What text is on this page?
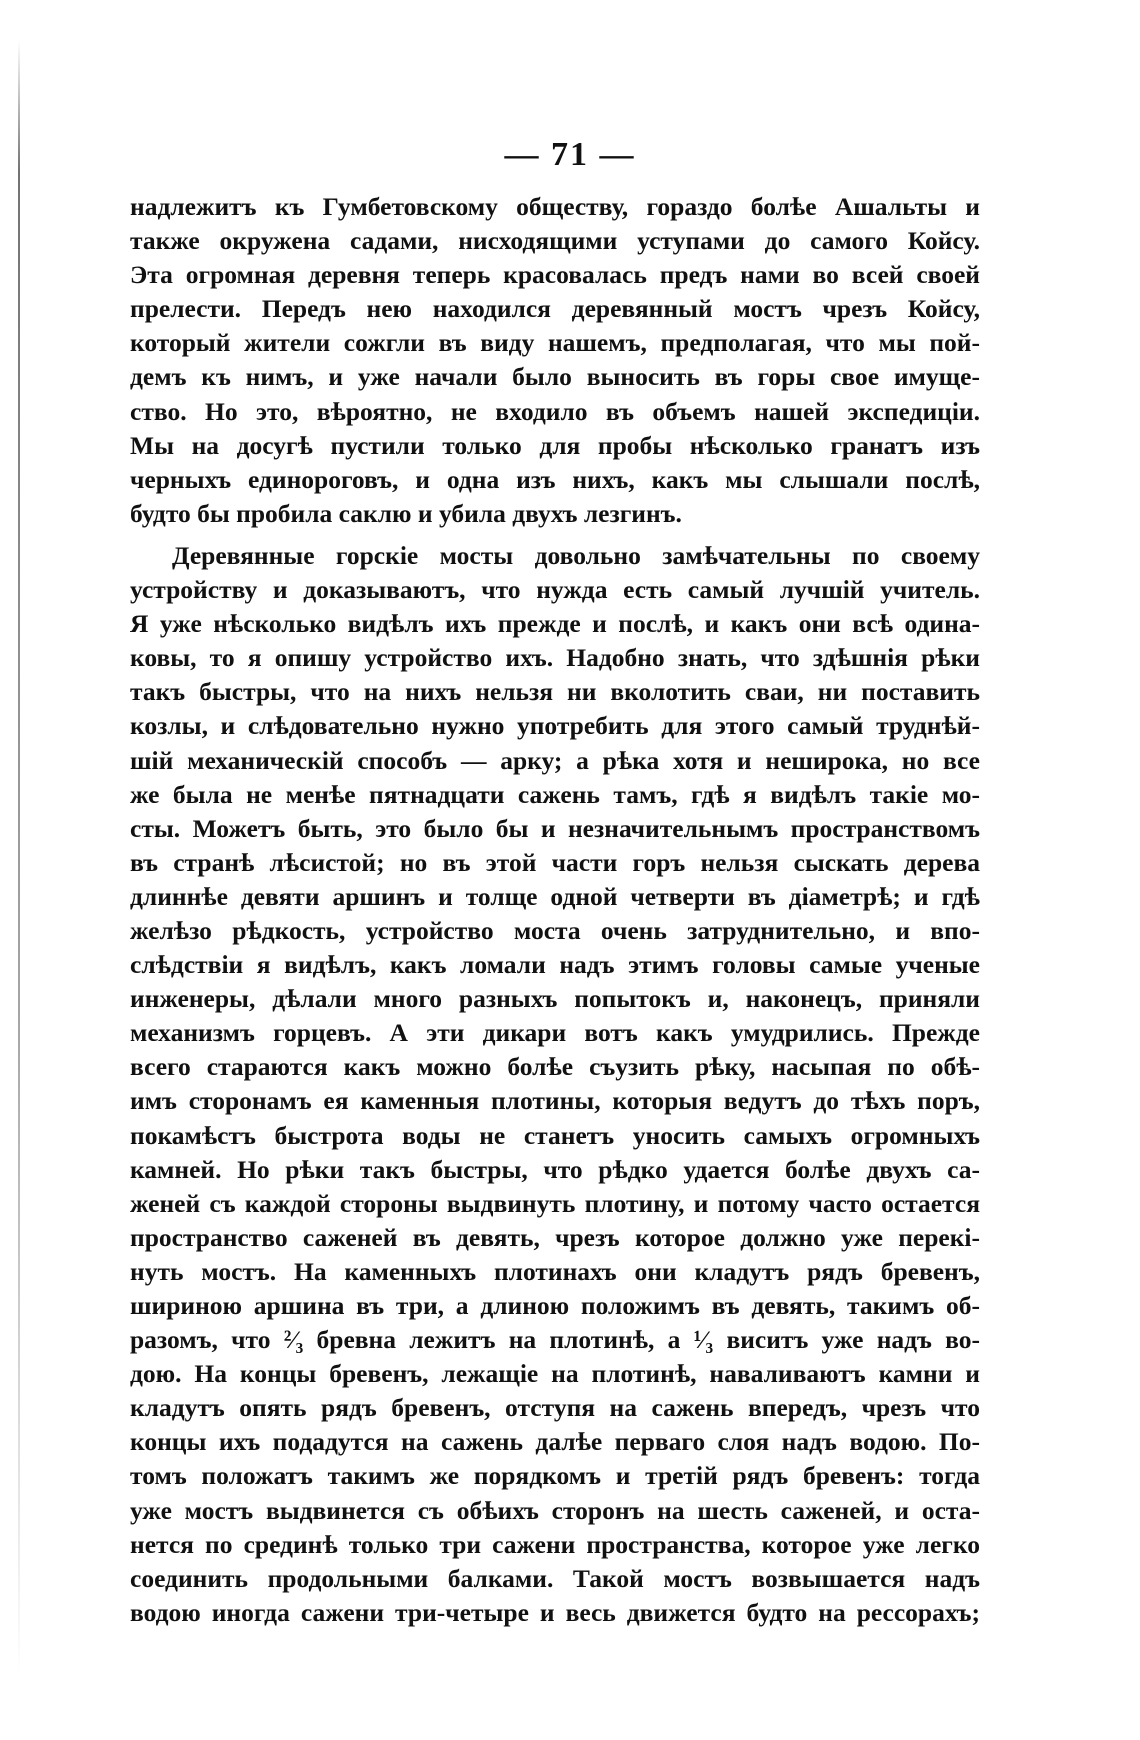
— 71 —
надлежитъ къ Гумбетовскому обществу, гораздо болѣе Ашальты и
также окружена садами, нисходящими уступами до самого Койсу.
Эта огромная деревня теперь красовалась предъ нами во всей своей
прелести. Передъ нею находился деревянный мостъ чрезъ Койсу,
который жители сожгли въ виду нашемъ, предполагая, что мы пой-
демъ къ нимъ, и уже начали было выносить въ горы свое имуще-
ство. Но это, вѣроятно, не входило въ объемъ нашей экспедиціи.
Мы на досугѣ пустили только для пробы нѣсколько гранатъ изъ
черныхъ единороговъ, и одна изъ нихъ, какъ мы слышали послѣ,
будто бы пробила саклю и убила двухъ лезгинъ.
Деревянные горскіе мосты довольно замѣчательны по своему
устройству и доказываютъ, что нужда есть самый лучшій учитель.
Я уже нѣсколько видѣлъ ихъ прежде и послѣ, и какъ они всѣ одина-
ковы, то я опишу устройство ихъ. Надобно знать, что здѣшнія рѣки
такъ быстры, что на нихъ нельзя ни вколотить сваи, ни поставить
козлы, и слѣдовательно нужно употребить для этого самый труднѣй-
шій механическій способъ — арку; а рѣка хотя и неширока, но все
же была не менѣе пятнадцати сажень тамъ, гдѣ я видѣлъ такіе мо-
сты. Можетъ быть, это было бы и незначительнымъ пространствомъ
въ странѣ лѣсистой; но въ этой части горъ нельзя сыскать дерева
длиннѣе девяти аршинъ и толще одной четверти въ діаметрѣ; и гдѣ
желѣзо рѣдкость, устройство моста очень затруднительно, и впо-
слѣдствіи я видѣлъ, какъ ломали надъ этимъ головы самые ученые
инженеры, дѣлали много разныхъ попытокъ и, наконецъ, приняли
механизмъ горцевъ. А эти дикари вотъ какъ умудрились. Прежде
всего стараются какъ можно болѣе съузить рѣку, насыпая по обѣ-
имъ сторонамъ ея каменныя плотины, которыя ведутъ до тѣхъ поръ,
покамѣстъ быстрота воды не станетъ уносить самыхъ огромныхъ
камней. Но рѣки такъ быстры, что рѣдко удается болѣе двухъ са-
женей съ каждой стороны выдвинуть плотину, и потому часто остается
пространство саженей въ девять, чрезъ которое должно уже перекі-
нуть мостъ. На каменныхъ плотинахъ они кладутъ рядъ бревенъ,
шириною аршина въ три, а длиною положимъ въ девять, такимъ об-
разомъ, что ²⁄₃ бревна лежитъ на плотинѣ, а ¹⁄₃ виситъ уже надъ во-
дою. На концы бревенъ, лежащіе на плотинѣ, наваливаютъ камни и
кладутъ опять рядъ бревенъ, отступя на сажень впередъ, чрезъ что
концы ихъ подадутся на сажень далѣе перваго слоя надъ водою. По-
томъ положатъ такимъ же порядкомъ и третій рядъ бревенъ: тогда
уже мостъ выдвинется съ обѣихъ сторонъ на шесть саженей, и оста-
нется по срединѣ только три сажени пространства, которое уже легко
соединить продольными балками. Такой мостъ возвышается надъ
водою иногда сажени три-четыре и весь движется будто на рессорахъ;
